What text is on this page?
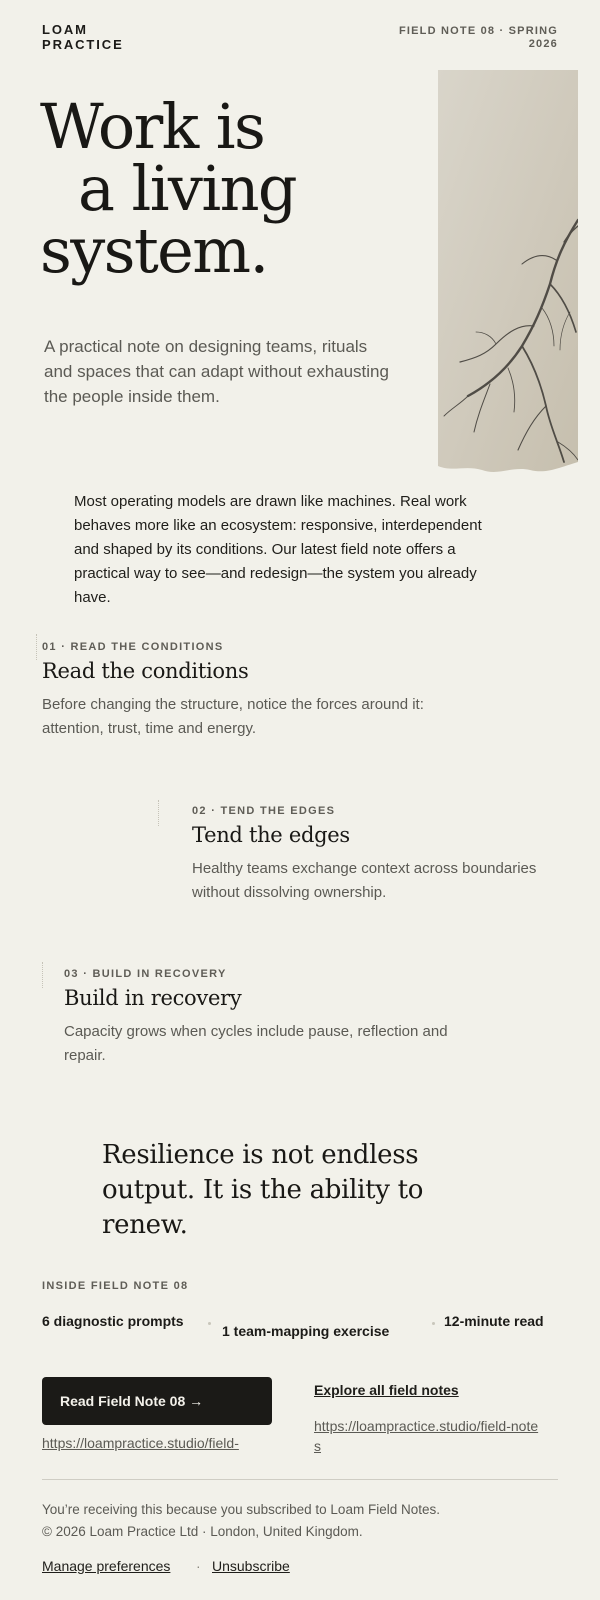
LOAM
PRACTICE
FIELD NOTE 08 · SPRING 2026
Work is
a living
system.

A practical note on designing teams, rituals and spaces that can adapt without exhausting the people inside them.

Most operating models are drawn like machines. Real work behaves more like an ecosystem: responsive, interdependent and shaped by its conditions. Our latest field note offers a practical way to see—and redesign—the system you already have.

01 · READ THE CONDITIONS
Read the conditions
Before changing the structure, notice the forces around it: attention, trust, time and energy.
02 · TEND THE EDGES
Tend the edges
Healthy teams exchange context across boundaries without dissolving ownership.
03 · BUILD IN RECOVERY
Build in recovery
Capacity grows when cycles include pause, reflection and repair.
Resilience is not endless output. It is the ability to renew.
INSIDE FIELD NOTE 08
6 diagnostic prompts
1 team-mapping exercise
12-minute read
Read Field Note 08 →
https://loampractice.studio/field-
Explore all field notes
https://loampractice.studio/field-notes
You’re receiving this because you subscribed to Loam Field Notes.
© 2026 Loam Practice Ltd · London, United Kingdom.
Manage preferences · Unsubscribe
